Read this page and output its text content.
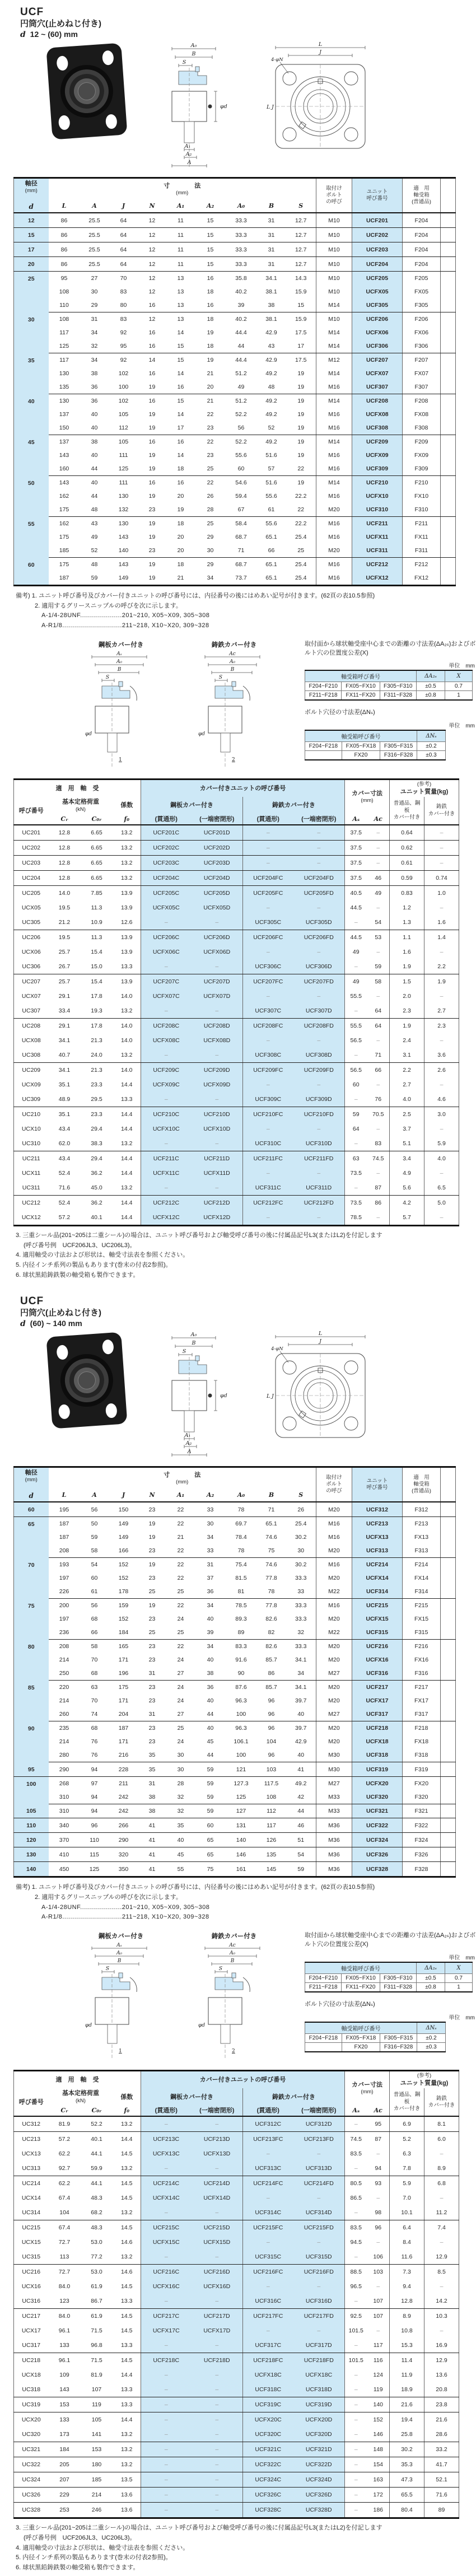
UCF
円筒穴(止めねじ付き)
d 12 ~ (60) mm
A₀
B
S
φd
A₁
A₂
A
L
J
4-φN
L J
軸径
(mm)
d

寸　　　　法
(mm)

取付け
ボルト
の呼び

ユニット
呼び番号

適　用
軸受箱
(普通品)

	L	A	J	N	A₁	A₂	A₀	B	S				
12	86	25.5	64	12	11	15	33.3	31	12.7	M10	UCF201	F204	
15	86	25.5	64	12	11	15	33.3	31	12.7	M10	UCF202	F204	
17	86	25.5	64	12	11	15	33.3	31	12.7	M10	UCF203	F204	
20	86	25.5	64	12	11	15	33.3	31	12.7	M10	UCF204	F204	
25	95	27	70	12	13	16	35.8	34.1	14.3	M10	UCF205	F205	
	108	30	83	12	13	18	40.2	38.1	15.9	M10	UCFX05	FX05	
	110	29	80	16	13	16	39	38	15	M14	UCF305	F305	
30	108	31	83	12	13	18	40.2	38.1	15.9	M10	UCF206	F206	
	117	34	92	16	14	19	44.4	42.9	17.5	M14	UCFX06	FX06	
	125	32	95	16	15	18	44	43	17	M14	UCF306	F306	
35	117	34	92	14	15	19	44.4	42.9	17.5	M12	UCF207	F207	
	130	38	102	16	14	21	51.2	49.2	19	M14	UCFX07	FX07	
	135	36	100	19	16	20	49	48	19	M16	UCF307	F307	
40	130	36	102	16	15	21	51.2	49.2	19	M14	UCF208	F208	
	137	40	105	19	14	22	52.2	49.2	19	M16	UCFX08	FX08	
	150	40	112	19	17	23	56	52	19	M16	UCF308	F308	
45	137	38	105	16	16	22	52.2	49.2	19	M14	UCF209	F209	
	143	40	111	19	14	23	55.6	51.6	19	M16	UCFX09	FX09	
	160	44	125	19	18	25	60	57	22	M16	UCF309	F309	
50	143	40	111	16	16	22	54.6	51.6	19	M14	UCF210	F210	
	162	44	130	19	20	26	59.4	55.6	22.2	M16	UCFX10	FX10	
	175	48	132	23	19	28	67	61	22	M20	UCF310	F310	
55	162	43	130	19	18	25	58.4	55.6	22.2	M16	UCF211	F211	
	175	49	143	19	20	29	68.7	65.1	25.4	M16	UCFX11	FX11	
	185	52	140	23	20	30	71	66	25	M20	UCF311	F311	
60	175	48	143	19	18	29	68.7	65.1	25.4	M16	UCF212	F212	
	187	59	149	19	21	34	73.7	65.1	25.4	M16	UCFX12	FX12	
備考) 1. ユニット呼び番号及びカバー付きユニットの呼び番号には、内径番号の後にはめあい記号が付きます。(62頁の表10.5参照)
2. 適用するグリースニップルの呼びを次に示します。
A-1/4-28UNF.....................201~210, X05~X09, 305~308
A-R1/8..............................211~218, X10~X20, 309~328
鋼板カバー付き
Aₛ
A₀
B
S
φd
1
鋳鉄カバー付き
Ac
A₀
B
S
φd
2
取付面から球状軸受座中心までの距離の寸法差(ΔA₂ₛ)およびボルト穴の位置度公差(X)
単位　mm
軸受箱呼び番号			ΔA₂ₛ	X
F204~F210	FX05~FX10	F305~F310	±0.5	0.7
F211~F218	FX11~FX20	F311~F328	±0.8	1
ボルト穴径の寸法差(ΔNₛ)
単位　mm
軸受箱呼び番号			ΔNₛ
F204~F218	FX05~FX18	F305~F315	±0.2
	FX20	F316~F328	±0.3
適　用　軸　受	カバー付きユニットの呼び番号	
カバー寸法
(mm)

(参考)
ユニット質量(kg)

呼び番号	
基本定格荷重
(kN)
	係数	鋼板カバー付き	鋳鉄カバー付き	普通品、鋼板
カバー付き

鋳鉄
カバー付き

	Cᵣ	C₀ᵣ	f₀	(貫通形)	(一端密閉形)	(貫通形)	(一端密閉形)	Aₛ	Ac		
UC201	12.8	6.65	13.2	UCF201C	UCF201D	–	–	37.5	–	0.64	–
UC202	12.8	6.65	13.2	UCF202C	UCF202D	–	–	37.5	–	0.62	–
UC203	12.8	6.65	13.2	UCF203C	UCF203D	–	–	37.5	–	0.61	–
UC204	12.8	6.65	13.2	UCF204C	UCF204D	UCF204FC	UCF204FD	37.5	46	0.59	0.74
UC205	14.0	7.85	13.9	UCF205C	UCF205D	UCF205FC	UCF205FD	40.5	49	0.83	1.0
UCX05	19.5	11.3	13.9	UCFX05C	UCFX05D	–	–	44.5	–	1.2	–
UC305	21.2	10.9	12.6	–	–	UCF305C	UCF305D	–	54	1.3	1.6
UC206	19.5	11.3	13.9	UCF206C	UCF206D	UCF206FC	UCF206FD	44.5	53	1.1	1.4
UCX06	25.7	15.4	13.9	UCFX06C	UCFX06D	–	–	49	–	1.6	–
UC306	26.7	15.0	13.3	–	–	UCF306C	UCF306D	–	59	1.9	2.2
UC207	25.7	15.4	13.9	UCF207C	UCF207D	UCF207FC	UCF207FD	49	58	1.5	1.9
UCX07	29.1	17.8	14.0	UCFX07C	UCFX07D	–	–	55.5	–	2.0	–
UC307	33.4	19.3	13.2	–	–	UCF307C	UCF307D	–	64	2.3	2.7
UC208	29.1	17.8	14.0	UCF208C	UCF208D	UCF208FC	UCF208FD	55.5	64	1.9	2.3
UCX08	34.1	21.3	14.0	UCFX08C	UCFX08D	–	–	56.5	–	2.4	–
UC308	40.7	24.0	13.2	–	–	UCF308C	UCF308D	–	71	3.1	3.6
UC209	34.1	21.3	14.0	UCF209C	UCF209D	UCF209FC	UCF209FD	56.5	66	2.2	2.6
UCX09	35.1	23.3	14.4	UCFX09C	UCFX09D	–	–	60	–	2.7	–
UC309	48.9	29.5	13.3	–	–	UCF309C	UCF309D	–	76	4.0	4.6
UC210	35.1	23.3	14.4	UCF210C	UCF210D	UCF210FC	UCF210FD	59	70.5	2.5	3.0
UCX10	43.4	29.4	14.4	UCFX10C	UCFX10D	–	–	64	–	3.7	–
UC310	62.0	38.3	13.2	–	–	UCF310C	UCF310D	–	83	5.1	5.9
UC211	43.4	29.4	14.4	UCF211C	UCF211D	UCF211FC	UCF211FD	63	74.5	3.4	4.0
UCX11	52.4	36.2	14.4	UCFX11C	UCFX11D	–	–	73.5	–	4.9	–
UC311	71.6	45.0	13.2	–	–	UCF311C	UCF311D	–	87	5.6	6.5
UC212	52.4	36.2	14.4	UCF212C	UCF212D	UCF212FC	UCF212FD	73.5	86	4.2	5.0
UCX12	57.2	40.1	14.4	UCFX12C	UCFX12D	–	–	78.5	–	5.7	–
3. 三重シール品(201~205は二重シール)の場合は、ユニット呼び番号および軸受呼び番号の後に付属品記号L3(またはL2)を付記します
(呼び番号例　UCF206JL3、UC206L3)。
4. 適用軸受の寸法および形状は、軸受寸法表を参照ください。
5. 内径インチ系列の製品もあります(巻末の付表2参照)。
6. 球状黒鉛鋳鉄製の軸受箱も製作できます。
UCF
円筒穴(止めねじ付き)
d (60) ~ 140 mm
A₀
B
S
φd
A₁
A₂
A
L
J
4-φN
L J
軸径
(mm)
d

寸　　　　法
(mm)

取付け
ボルト
の呼び

ユニット
呼び番号

適　用
軸受箱
(普通品)

	L	A	J	N	A₁	A₂	A₀	B	S				
60	195	56	150	23	22	33	78	71	26	M20	UCF312	F312	
65	187	50	149	19	22	30	69.7	65.1	25.4	M16	UCF213	F213	
	187	59	149	19	21	34	78.4	74.6	30.2	M16	UCFX13	FX13	
	208	58	166	23	22	33	78	75	30	M20	UCF313	F313	
70	193	54	152	19	22	31	75.4	74.6	30.2	M16	UCF214	F214	
	197	60	152	23	22	37	81.5	77.8	33.3	M20	UCFX14	FX14	
	226	61	178	25	25	36	81	78	33	M22	UCF314	F314	
75	200	56	159	19	22	34	78.5	77.8	33.3	M16	UCF215	F215	
	197	68	152	23	24	40	89.3	82.6	33.3	M20	UCFX15	FX15	
	236	66	184	25	25	39	89	82	32	M22	UCF315	F315	
80	208	58	165	23	22	34	83.3	82.6	33.3	M20	UCF216	F216	
	214	70	171	23	24	40	91.6	85.7	34.1	M20	UCFX16	FX16	
	250	68	196	31	27	38	90	86	34	M27	UCF316	F316	
85	220	63	175	23	24	36	87.6	85.7	34.1	M20	UCF217	F217	
	214	70	171	23	24	40	96.3	96	39.7	M20	UCFX17	FX17	
	260	74	204	31	27	44	100	96	40	M27	UCF317	F317	
90	235	68	187	23	25	40	96.3	96	39.7	M20	UCF218	F218	
	214	76	171	23	24	45	106.1	104	42.9	M20	UCFX18	FX18	
	280	76	216	35	30	44	100	96	40	M30	UCF318	F318	
95	290	94	228	35	30	59	121	103	41	M30	UCF319	F319	
100	268	97	211	31	28	59	127.3	117.5	49.2	M27	UCFX20	FX20	
	310	94	242	38	32	59	125	108	42	M33	UCF320	F320	
105	310	94	242	38	32	59	127	112	44	M33	UCF321	F321	
110	340	96	266	41	35	60	131	117	46	M36	UCF322	F322	
120	370	110	290	41	40	65	140	126	51	M36	UCF324	F324	
130	410	115	320	41	45	65	146	135	54	M36	UCF326	F326	
140	450	125	350	41	55	75	161	145	59	M36	UCF328	F328	
備考) 1. ユニット呼び番号及びカバー付きユニットの呼び番号には、内径番号の後にはめあい記号が付きます。(62頁の表10.5参照)
2. 適用するグリースニップルの呼びを次に示します。
A-1/4-28UNF.....................201~210, X05~X09, 305~308
A-R1/8..............................211~218, X10~X20, 309~328
鋼板カバー付き
Aₛ
A₀
B
S
φd
1
鋳鉄カバー付き
Ac
A₀
B
S
φd
2
取付面から球状軸受座中心までの距離の寸法差(ΔA₂ₛ)およびボルト穴の位置度公差(X)
単位　mm
軸受箱呼び番号			ΔA₂ₛ	X
F204~F210	FX05~FX10	F305~F310	±0.5	0.7
F211~F218	FX11~FX20	F311~F328	±0.8	1
ボルト穴径の寸法差(ΔNₛ)
単位　mm
軸受箱呼び番号			ΔNₛ
F204~F218	FX05~FX18	F305~F315	±0.2
	FX20	F316~F328	±0.3
適　用　軸　受	カバー付きユニットの呼び番号	
カバー寸法
(mm)

(参考)
ユニット質量(kg)

呼び番号	
基本定格荷重
(kN)
	係数	鋼板カバー付き	鋳鉄カバー付き	普通品、鋼板
カバー付き

鋳鉄
カバー付き

	Cᵣ	C₀ᵣ	f₀	(貫通形)	(一端密閉形)	(貫通形)	(一端密閉形)	Aₛ	Ac		
UC312	81.9	52.2	13.2	–	–	UCF312C	UCF312D	–	95	6.9	8.1
UC213	57.2	40.1	14.4	UCF213C	UCF213D	UCF213FC	UCF213FD	74.5	87	5.2	6.0
UCX13	62.2	44.1	14.5	UCFX13C	UCFX13D	–	–	83.5	–	6.3	–
UC313	92.7	59.9	13.2	–	–	UCF313C	UCF313D	–	94	7.8	8.9
UC214	62.2	44.1	14.5	UCF214C	UCF214D	UCF214FC	UCF214FD	80.5	93	5.9	6.8
UCX14	67.4	48.3	14.5	UCFX14C	UCFX14D	–	–	86.5	–	7.0	–
UC314	104	68.2	13.2	–	–	UCF314C	UCF314D	–	98	10.1	11.2
UC215	67.4	48.3	14.5	UCF215C	UCF215D	UCF215FC	UCF215FD	83.5	96	6.4	7.4
UCX15	72.7	53.0	14.6	UCFX15C	UCFX15D	–	–	94.5	–	8.4	–
UC315	113	77.2	13.2	–	–	UCF315C	UCF315D	–	106	11.6	12.9
UC216	72.7	53.0	14.6	UCF216C	UCF216D	UCF216FC	UCF216FD	88.5	103	7.3	8.5
UCX16	84.0	61.9	14.5	UCFX16C	UCFX16D	–	–	96.5	–	9.4	–
UC316	123	86.7	13.3	–	–	UCF316C	UCF316D	–	107	12.8	14.2
UC217	84.0	61.9	14.5	UCF217C	UCF217D	UCF217FC	UCF217FD	92.5	107	8.9	10.3
UCX17	96.1	71.5	14.5	UCFX17C	UCFX17D	–	–	101.5	–	10.8	–
UC317	133	96.8	13.3	–	–	UCF317C	UCF317D	–	117	15.3	16.9
UC218	96.1	71.5	14.5	UCF218C	UCF218D	UCF218FC	UCF218FD	101.5	116	11.4	12.9
UCX18	109	81.9	14.4	–	–	UCFX18C	UCFX18C	–	124	11.9	13.6
UC318	143	107	13.3	–	–	UCF318C	UCF318D	–	119	18.9	20.8
UC319	153	119	13.3	–	–	UCF319C	UCF319D	–	140	21.6	23.8
UCX20	133	105	14.4	–	–	UCFX20C	UCFX20D	–	152	19.4	21.6
UC320	173	141	13.2	–	–	UCF320C	UCF320D	–	146	25.8	28.6
UC321	184	153	13.2	–	–	UCF321C	UCF321D	–	148	30.2	33.2
UC322	205	180	13.2	–	–	UCF322C	UCF322D	–	154	35.3	41.7
UC324	207	185	13.5	–	–	UCF324C	UCF324D	–	163	47.3	52.1
UC326	229	214	13.6	–	–	UCF326C	UCF326D	–	172	65.5	71.6
UC328	253	246	13.6	–	–	UCF328C	UCF328D	–	186	80.4	89
3. 三重シール品(201~205は二重シール)の場合は、ユニット呼び番号および軸受呼び番号の後に付属品記号L3(またはL2)を付記します
(呼び番号例　UCF206JL3、UC206L3)。
4. 適用軸受の寸法および形状は、軸受寸法表を参照ください。
5. 内径インチ系列の製品もあります(巻末の付表2参照)。
6. 球状黒鉛鋳鉄製の軸受箱も製作できます。
